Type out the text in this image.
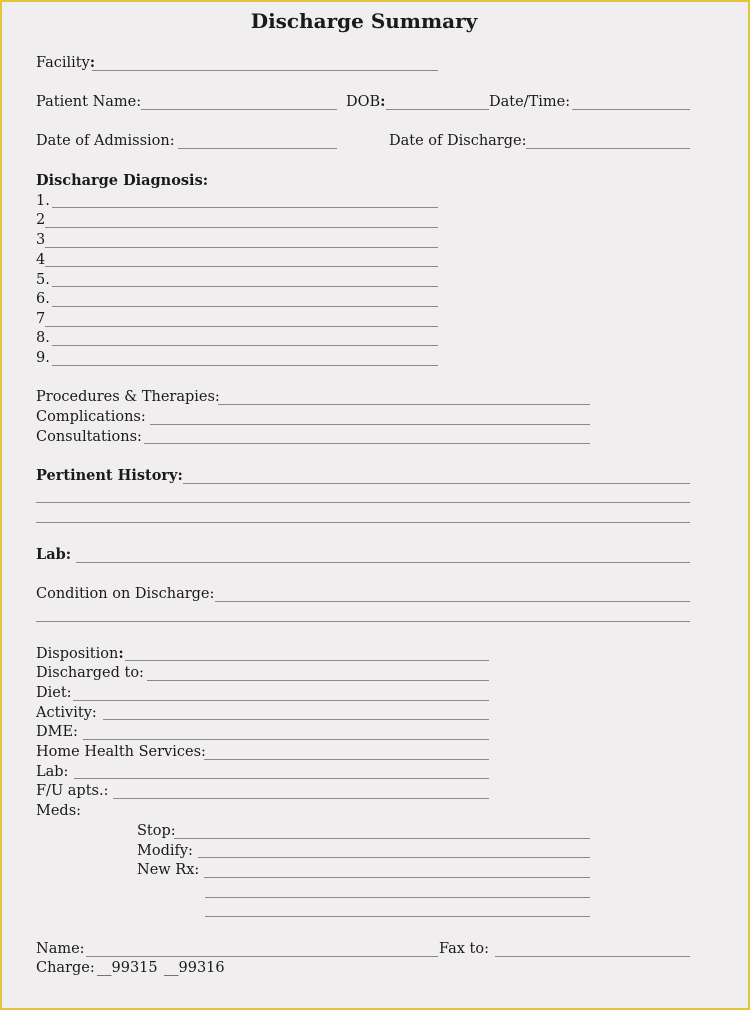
Discharge Summary
Facility:
Patient Name:	DOB:	Date/Time:
Date of Admission:	Date of Discharge:
Discharge Diagnosis:
1.
2
3
4
5.
6.
7
8.
9.
Procedures & Therapies:
Complications:
Consultations:
Pertinent History:
Lab:
Condition on Discharge:
Disposition:
Discharged to:
Diet:
Activity:
DME:
Home Health Services:
Lab:
F/U apts.:
Meds:
Stop:
Modify:
New Rx:
Name:	Fax to:
Charge: __99315 __99316
